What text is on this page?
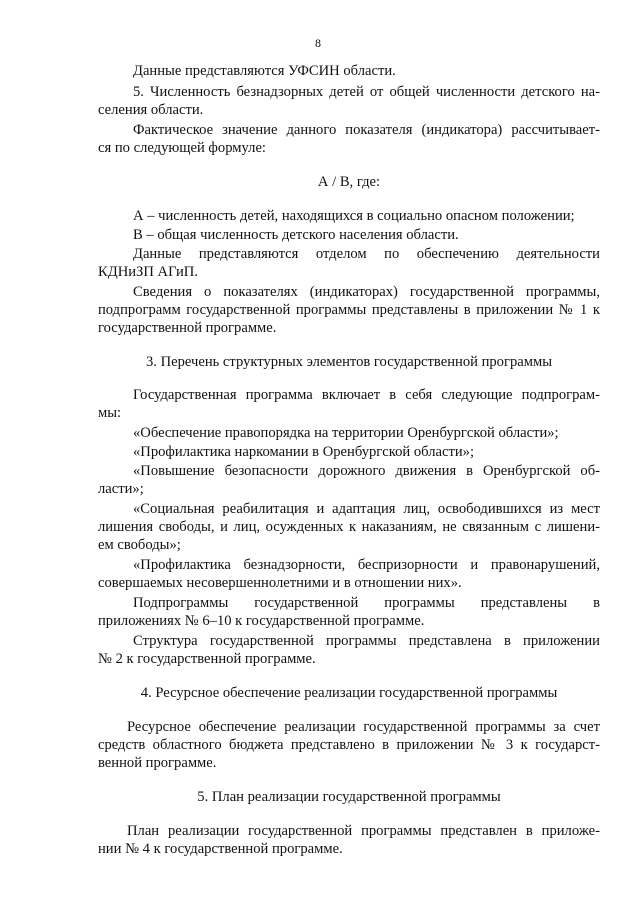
8
Данные представляются УФСИН области.
5. Численность безнадзорных детей от общей численности детского на-
селения области.
Фактическое значение данного показателя (индикатора) рассчитывает-
ся по следующей формуле:
А / В, где:
А – численность детей, находящихся в социально опасном положении;
В – общая численность детского населения области.
Данные представляются отделом по обеспечению деятельности
КДНиЗП АГиП.
Сведения о показателях (индикаторах) государственной программы,
подпрограмм государственной программы представлены в приложении № 1 к
государственной программе.
3. Перечень структурных элементов государственной программы
Государственная программа включает в себя следующие подпрограм-
мы:
«Обеспечение правопорядка на территории Оренбургской области»;
«Профилактика наркомании в Оренбургской области»;
«Повышение безопасности дорожного движения в Оренбургской об-
ласти»;
«Социальная реабилитация и адаптация лиц, освободившихся из мест
лишения свободы, и лиц, осужденных к наказаниям, не связанным с лишени-
ем свободы»;
«Профилактика безнадзорности, беспризорности и правонарушений,
совершаемых несовершеннолетними и в отношении них».
Подпрограммы государственной программы представлены в
приложениях № 6–10 к государственной программе.
Структура государственной программы представлена в приложении
№ 2 к государственной программе.
4. Ресурсное обеспечение реализации государственной программы
Ресурсное обеспечение реализации государственной программы за счет
средств областного бюджета представлено в приложении № 3 к государст-
венной программе.
5. План реализации государственной программы
План реализации государственной программы представлен в приложе-
нии № 4 к государственной программе.
